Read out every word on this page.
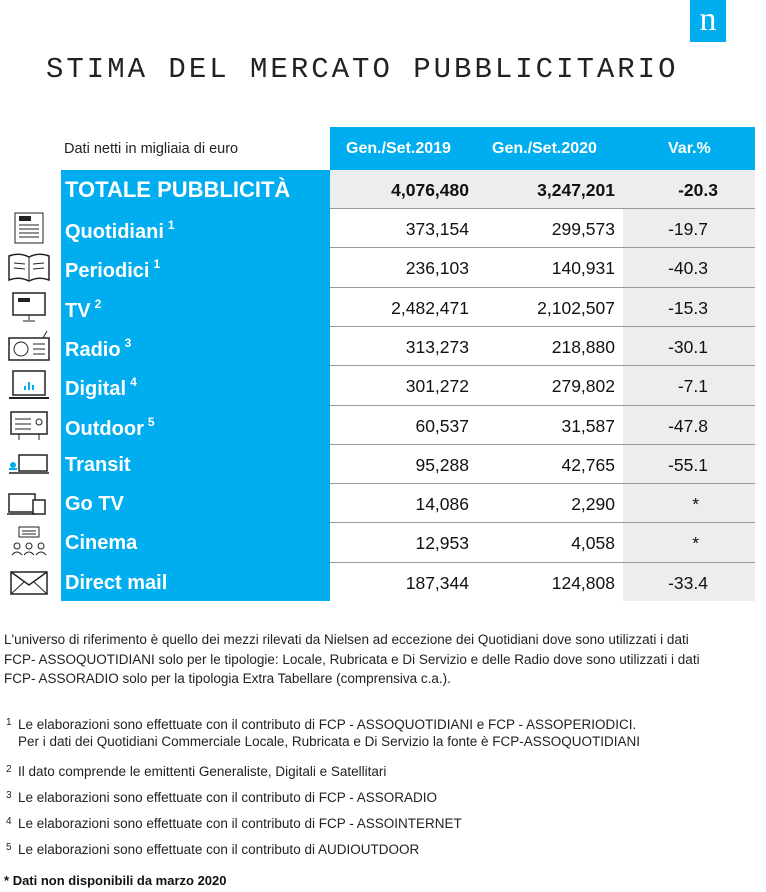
n
STIMA DEL MERCATO PUBBLICITARIO
Dati netti in migliaia di euro	Gen./Set.2019	Gen./Set.2020	Var.%
TOTALE PUBBLICITÀ	4,076,480	3,247,201	-20.3
Quotidiani $^1$	373,154	299,573	-19.7
Periodici $^1$	236,103	140,931	-40.3
TV $^2$	2,482,471	2,102,507	-15.3
Radio $^3$	313,273	218,880	-30.1
Digital $^4$	301,272	279,802	-7.1
Outdoor $^5$	60,537	31,587	-47.8
Transit	95,288	42,765	-55.1
Go TV	14,086	2,290	*
Cinema	12,953	4,058	*
Direct mail	187,344	124,808	-33.4
L'universo di riferimento è quello dei mezzi rilevati da Nielsen ad eccezione dei Quotidiani dove sono utilizzati i dati
FCP- ASSOQUOTIDIANI solo per le tipologie: Locale, Rubricata e Di Servizio e delle Radio dove sono utilizzati i dati
FCP- ASSORADIO solo per la tipologia Extra Tabellare (comprensiva c.a.).
1 Le elaborazioni sono effettuate con il contributo di FCP - ASSOQUOTIDIANI e FCP - ASSOPERIODICI.
Per i dati dei Quotidiani Commerciale Locale, Rubricata e Di Servizio la fonte è FCP-ASSOQUOTIDIANI
2 Il dato comprende le emittenti Generaliste, Digitali e Satellitari
3 Le elaborazioni sono effettuate con il contributo di FCP - ASSORADIO
4 Le elaborazioni sono effettuate con il contributo di FCP - ASSOINTERNET
5 Le elaborazioni sono effettuate con il contributo di AUDIOUTDOOR
* Dati non disponibili da marzo 2020
